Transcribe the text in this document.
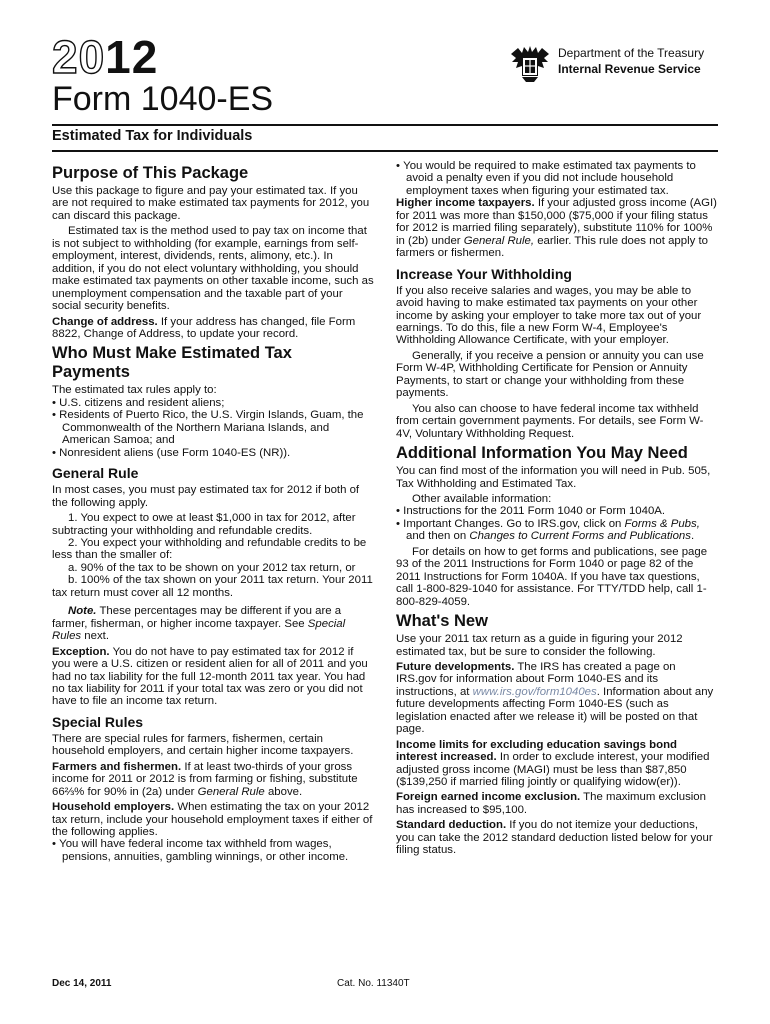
2012
Form 1040-ES
Estimated Tax for Individuals
Department of the Treasury
Internal Revenue Service
Purpose of This Package

Use this package to figure and pay your estimated tax. If you are not required to make estimated tax payments for 2012, you can discard this package.

Estimated tax is the method used to pay tax on income that is not subject to withholding (for example, earnings from self-employment, interest, dividends, rents, alimony, etc.). In addition, if you do not elect voluntary withholding, you should make estimated tax payments on other taxable income, such as unemployment compensation and the taxable part of your social security benefits.

Change of address. If your address has changed, file Form 8822, Change of Address, to update your record.

Who Must Make Estimated Tax Payments

The estimated tax rules apply to:

• U.S. citizens and resident aliens;

• Residents of Puerto Rico, the U.S. Virgin Islands, Guam, the Commonwealth of the Northern Mariana Islands, and American Samoa; and

• Nonresident aliens (use Form 1040-ES (NR)).

General Rule

In most cases, you must pay estimated tax for 2012 if both of the following apply.

1. You expect to owe at least $1,000 in tax for 2012, after subtracting your withholding and refundable credits.

2. You expect your withholding and refundable credits to be less than the smaller of:

a. 90% of the tax to be shown on your 2012 tax return, or

b. 100% of the tax shown on your 2011 tax return. Your 2011 tax return must cover all 12 months.

Note. These percentages may be different if you are a farmer, fisherman, or higher income taxpayer. See Special Rules next.

Exception. You do not have to pay estimated tax for 2012 if you were a U.S. citizen or resident alien for all of 2011 and you had no tax liability for the full 12-month 2011 tax year. You had no tax liability for 2011 if your total tax was zero or you did not have to file an income tax return.

Special Rules

There are special rules for farmers, fishermen, certain household employers, and certain higher income taxpayers.

Farmers and fishermen. If at least two-thirds of your gross income for 2011 or 2012 is from farming or fishing, substitute 66⅔% for 90% in (2a) under General Rule above.

Household employers. When estimating the tax on your 2012 tax return, include your household employment taxes if either of the following applies.

• You will have federal income tax withheld from wages, pensions, annuities, gambling winnings, or other income.

• You would be required to make estimated tax payments to avoid a penalty even if you did not include household employment taxes when figuring your estimated tax.

Higher income taxpayers. If your adjusted gross income (AGI) for 2011 was more than $150,000 ($75,000 if your filing status for 2012 is married filing separately), substitute 110% for 100% in (2b) under General Rule, earlier. This rule does not apply to farmers or fishermen.

Increase Your Withholding

If you also receive salaries and wages, you may be able to avoid having to make estimated tax payments on your other income by asking your employer to take more tax out of your earnings. To do this, file a new Form W-4, Employee's Withholding Allowance Certificate, with your employer.

Generally, if you receive a pension or annuity you can use Form W-4P, Withholding Certificate for Pension or Annuity Payments, to start or change your withholding from these payments.

You also can choose to have federal income tax withheld from certain government payments. For details, see Form W-4V, Voluntary Withholding Request.

Additional Information You May Need

You can find most of the information you will need in Pub. 505, Tax Withholding and Estimated Tax.

Other available information:

• Instructions for the 2011 Form 1040 or Form 1040A.

• Important Changes. Go to IRS.gov, click on Forms & Pubs, and then on Changes to Current Forms and Publications.

For details on how to get forms and publications, see page 93 of the 2011 Instructions for Form 1040 or page 82 of the 2011 Instructions for Form 1040A. If you have tax questions, call 1-800-829-1040 for assistance. For TTY/TDD help, call 1-800-829-4059.

What's New

Use your 2011 tax return as a guide in figuring your 2012 estimated tax, but be sure to consider the following.

Future developments. The IRS has created a page on IRS.gov for information about Form 1040-ES and its instructions, at www.irs.gov/form1040es. Information about any future developments affecting Form 1040-ES (such as legislation enacted after we release it) will be posted on that page.

Income limits for excluding education savings bond interest increased. In order to exclude interest, your modified adjusted gross income (MAGI) must be less than $87,850 ($139,250 if married filing jointly or qualifying widow(er)).

Foreign earned income exclusion. The maximum exclusion has increased to $95,100.

Standard deduction. If you do not itemize your deductions, you can take the 2012 standard deduction listed below for your filing status.

Dec 14, 2011	Cat. No. 11340T
